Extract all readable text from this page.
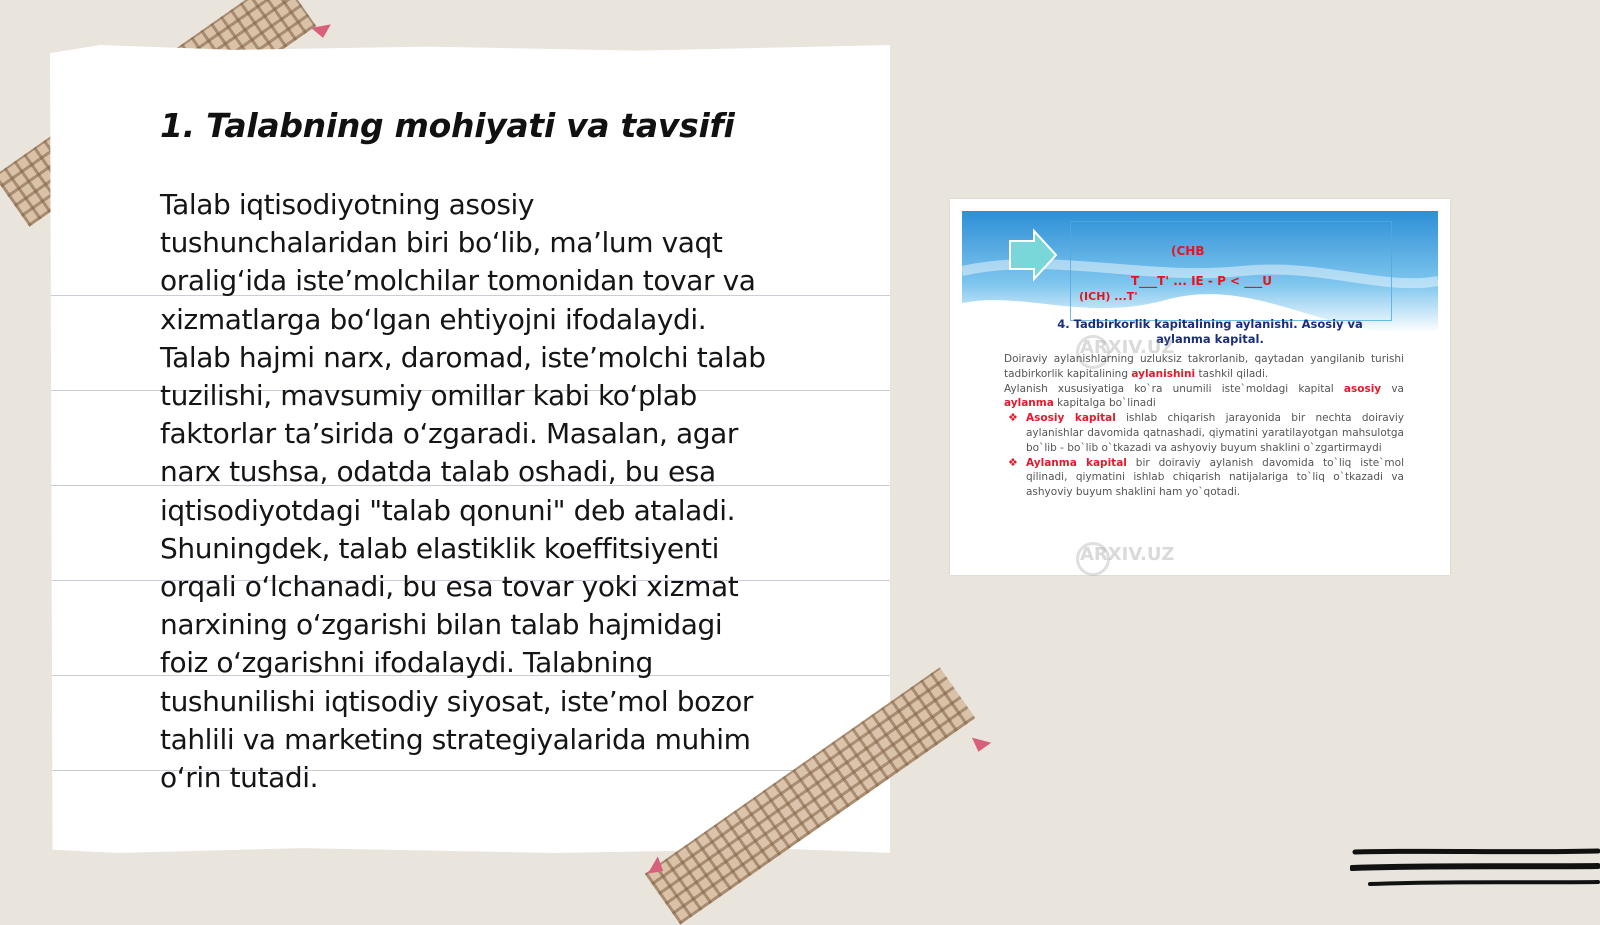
1. Talabning mohiyati va tavsifi
Talab iqtisodiyotning asosiy
tushunchalaridan biri bo‘lib, ma’lum vaqt
oralig‘ida iste’molchilar tomonidan tovar va
xizmatlarga bo‘lgan ehtiyojni ifodalaydi.
Talab hajmi narx, daromad, iste’molchi talab
tuzilishi, mavsumiy omillar kabi ko‘plab
faktorlar ta’sirida o‘zgaradi. Masalan, agar
narx tushsa, odatda talab oshadi, bu esa
iqtisodiyotdagi "talab qonuni" deb ataladi.
Shuningdek, talab elastiklik koeffitsiyenti
orqali o‘lchanadi, bu esa tovar yoki xizmat
narxining o‘zgarishi bilan talab hajmidagi
foiz o‘zgarishni ifodalaydi. Talabning
tushunilishi iqtisodiy siyosat, iste’mol bozor
tahlili va marketing strategiyalarida muhim
o‘rin tutadi.
(CHB
T___T' ... IE - P < ___U
(ICH) ...T'
4. Tadbirkorlik kapitalining aylanishi. Asosiy va aylanma kapital.
ARXIV.UZ
ARXIV.UZ

Doiraviy aylanishlarning uzluksiz takrorlanib, qaytadan yangilanib turishi tadbirkorlik kapitalining aylanishini tashkil qiladi.

Aylanish xususiyatiga ko`ra unumili iste`moldagi kapital asosiy va aylanma kapitalga bo`linadi

❖ Asosiy kapital ishlab chiqarish jarayonida bir nechta doiraviy aylanishlar davomida qatnashadi, qiymatini yaratilayotgan mahsulotga bo`lib - bo`lib o`tkazadi va ashyoviy buyum shaklini o`zgartirmaydi

❖ Aylanma kapital bir doiraviy aylanish davomida to`liq iste`mol qilinadi, qiymatini ishlab chiqarish natijalariga to`liq o`tkazadi va ashyoviy buyum shaklini ham yo`qotadi.
